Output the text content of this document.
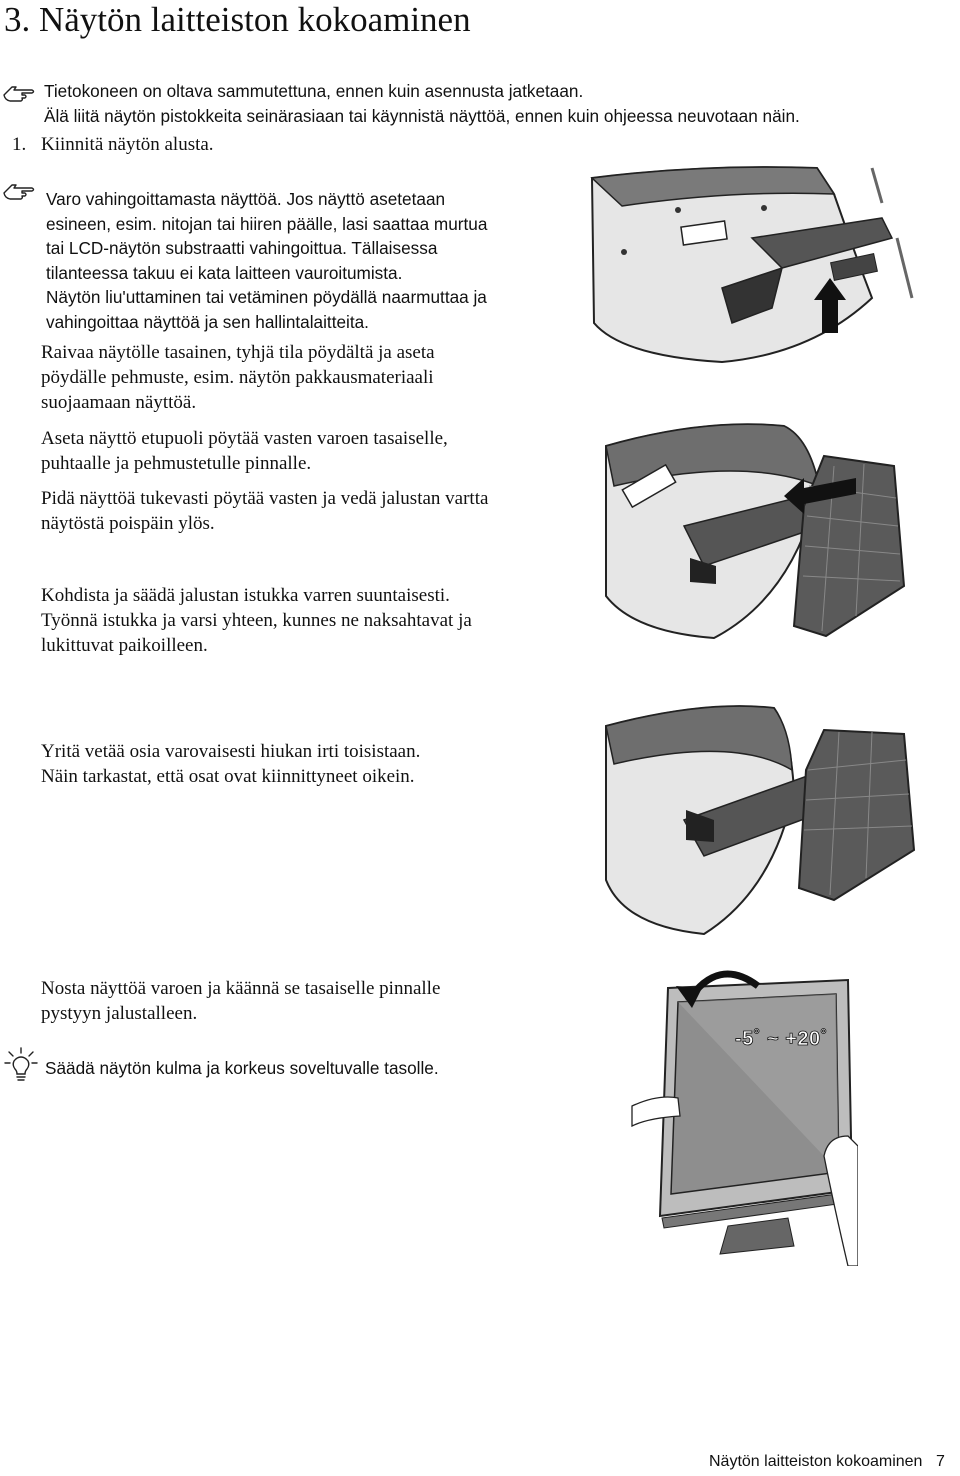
3. Näytön laitteiston kokoaminen
Tietokoneen on oltava sammutettuna, ennen kuin asennusta jatketaan.
Älä liitä näytön pistokkeita seinärasiaan tai käynnistä näyttöä, ennen kuin ohjeessa neuvotaan näin.
1. Kiinnitä näytön alusta.
Varo vahingoittamasta näyttöä. Jos näyttö asetetaan
esineen, esim. nitojan tai hiiren päälle, lasi saattaa murtua
tai LCD-näytön substraatti vahingoittua. Tällaisessa
tilanteessa takuu ei kata laitteen vauroitumista.
Näytön liu'uttaminen tai vetäminen pöydällä naarmuttaa ja
vahingoittaa näyttöä ja sen hallintalaitteita.
Raivaa näytölle tasainen, tyhjä tila pöydältä ja aseta
pöydälle pehmuste, esim. näytön pakkausmateriaali
suojaamaan näyttöä.
Aseta näyttö etupuoli pöytää vasten varoen tasaiselle,
puhtaalle ja pehmustetulle pinnalle.
Pidä näyttöä tukevasti pöytää vasten ja vedä jalustan vartta
näytöstä poispäin ylös.
Kohdista ja säädä jalustan istukka varren suuntaisesti.
Työnnä istukka ja varsi yhteen, kunnes ne naksahtavat ja
lukittuvat paikoilleen.
Yritä vetää osia varovaisesti hiukan irti toisistaan.
Näin tarkastat, että osat ovat kiinnittyneet oikein.
Nosta näyttöä varoen ja käännä se tasaiselle pinnalle
pystyyn jalustalleen.
Säädä näytön kulma ja korkeus soveltuvalle tasolle.
-5˚ ~ +20˚
Näytön laitteiston kokoaminen 7
